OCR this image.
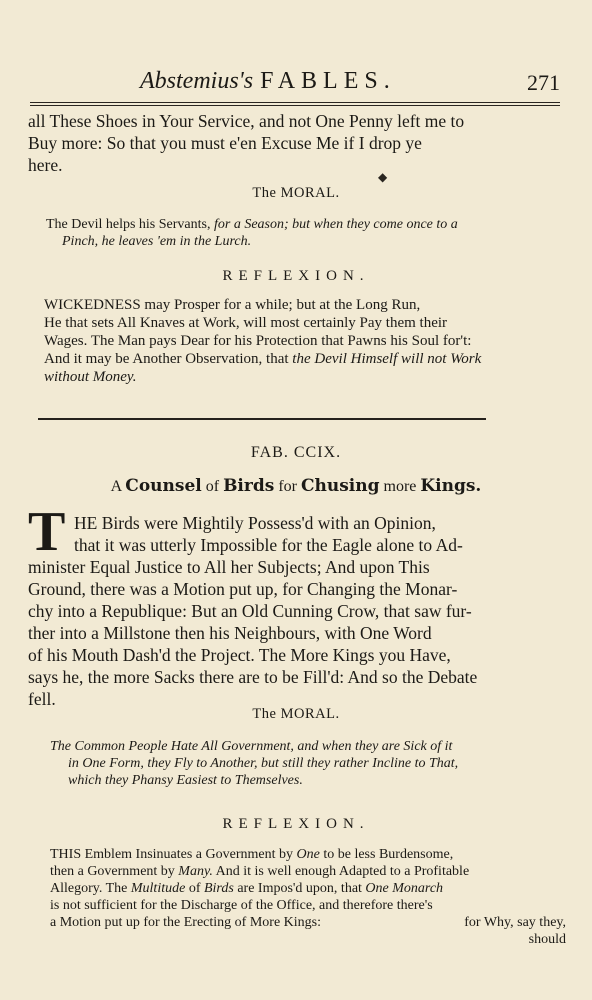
Abstemius's FABLES.	271

all These Shoes in Your Service, and not One Penny left me to

Buy more: So that you must e'en Excuse Me if I drop ye

here.

◆
The MORAL.

The Devil helps his Servants, for a Season; but when they come once to a

Pinch, he leaves 'em in the Lurch.

REFLEXION.

WICKEDNESS may Prosper for a while; but at the Long Run,

He that sets All Knaves at Work, will most certainly Pay them their

Wages. The Man pays Dear for his Protection that Pawns his Soul for't:

And it may be Another Observation, that the Devil Himself will not Work

without Money.

FAB. CCIX.
A Counsel of Birds for Chusing more Kings.
T HE Birds were Mightily Possess'd with an Opinion,

that it was utterly Impossible for the Eagle alone to Ad-

minister Equal Justice to All her Subjects; And upon This

Ground, there was a Motion put up, for Changing the Monar-

chy into a Republique: But an Old Cunning Crow, that saw fur-

ther into a Millstone then his Neighbours, with One Word

of his Mouth Dash'd the Project. The More Kings you Have,

says he, the more Sacks there are to be Fill'd: And so the Debate

fell.

The MORAL.

The Common People Hate All Government, and when they are Sick of it

in One Form, they Fly to Another, but still they rather Incline to That,

which they Phansy Easiest to Themselves.

REFLEXION.

THIS Emblem Insinuates a Government by One to be less Burdensome,

then a Government by Many. And it is well enough Adapted to a Profitable

Allegory. The Multitude of Birds are Impos'd upon, that One Monarch

is not sufficient for the Discharge of the Office, and therefore there's

a Motion put up for the Erecting of More Kings:	for Why, say they,

should
